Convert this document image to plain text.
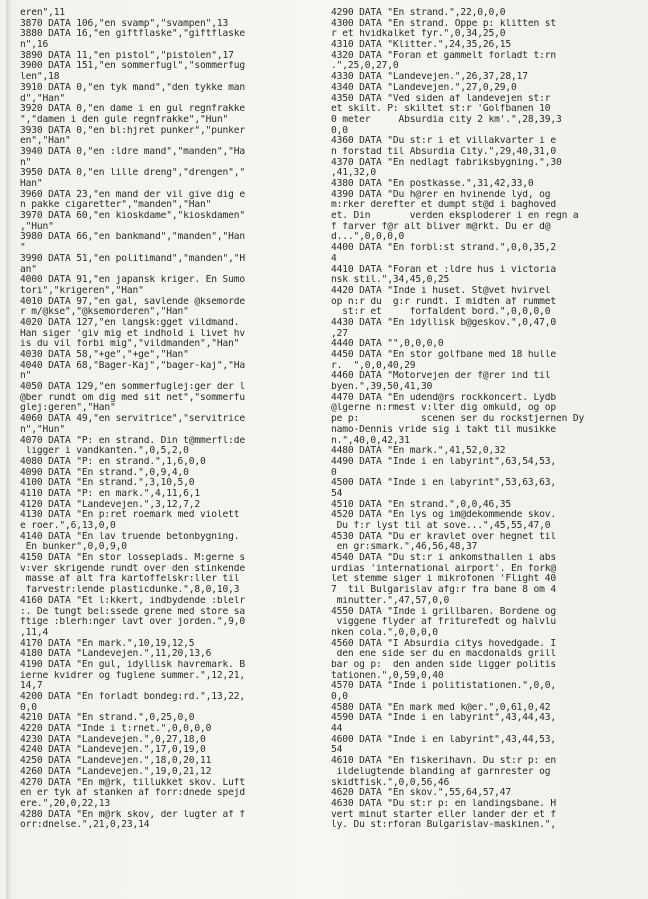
eren",11
3870 DATA 106,"en svamp","svampen",13
3880 DATA 16,"en giftflaske","giftflaske
n",16
3890 DATA 11,"en pistol","pistolen",17
3900 DATA 151,"en sommerfugl","sommerfug
len",18
3910 DATA 0,"en tyk mand","den tykke man
d","Han"
3920 DATA 0,"en dame i en gul regnfrakke
","damen i den gule regnfrakke","Hun"
3930 DATA 0,"en bl:hjret punker","punker
en","Han"
3940 DATA 0,"en :ldre mand","manden","Ha
n"
3950 DATA 0,"en lille dreng","drengen","
Han"
3960 DATA 23,"en mand der vil give dig e
n pakke cigaretter","manden","Han"
3970 DATA 60,"en kioskdame","kioskdamen"
,"Hun"
3980 DATA 66,"en bankmand","manden","Han
"
3990 DATA 51,"en politimand","manden","H
an"
4000 DATA 91,"en japansk kriger. En Sumo
tori","krigeren","Han"
4010 DATA 97,"en gal, savlende @ksemorde
r m/@kse","@ksemorderen","Han"
4020 DATA 127,"en langsk:gget vildmand.
Han siger 'giv mig et indhold i livet hv
is du vil forbi mig","vildmanden","Han"
4030 DATA 58,"+ge","+ge","Han"
4040 DATA 68,"Bager-Kaj","bager-kaj","Ha
n"
4050 DATA 129,"en sommerfuglej:ger der l
@ber rundt om dig med sit net","sommerfu
glej:geren","Han"
4060 DATA 49,"en servitrice","servitrice
n","Hun"
4070 DATA "P: en strand. Din t@mmerfl:de
ligger i vandkanten.",0,5,2,0
4080 DATA "P: en strand.",1,6,0,0
4090 DATA "En strand.",0,9,4,0
4100 DATA "En strand.",3,10,5,0
4110 DATA "P: en mark.",4,11,6,1
4120 DATA "Landevejen.",3,12,7,2
4130 DATA "En p:ret roemark med violett
e roer.",6,13,0,0
4140 DATA "En lav truende betonbygning.
En bunker",0,0,9,0
4150 DATA "En stor losseplads. M:gerne s
v:ver skrigende rundt over den stinkende
masse af alt fra kartoffelskr:ller til
farvestr:lende plasticdunke.",8,0,10,3
4160 DATA "Et l:kkert, indbydende :blelr
:. De tungt bel:ssede grene med store sa
ftige :blerh:nger lavt over jorden.",9,0
,11,4
4170 DATA "En mark.",10,19,12,5
4180 DATA "Landevejen.",11,20,13,6
4190 DATA "En gul, idyllisk havremark. B
ierne kvidrer og fuglene summer.",12,21,
14,7
4200 DATA "En forladt bondeg:rd.",13,22,
0,0
4210 DATA "En strand.",0,25,0,0
4220 DATA "Inde i t:rnet.",0,0,0,0
4230 DATA "Landevejen.",0,27,18,0
4240 DATA "Landevejen.",17,0,19,0
4250 DATA "Landevejen.",18,0,20,11
4260 DATA "Landevejen.",19,0,21,12
4270 DATA "En m@rk, tillukket skov. Luft
en er tyk af stanken af forr:dnede spejd
ere.",20,0,22,13
4280 DATA "En m@rk skov, der lugter af f
orr:dnelse.",21,0,23,14
4290 DATA "En strand.",22,0,0,0
4300 DATA "En strand. Oppe p: klitten st
r et hvidkalket fyr.",0,34,25,0
4310 DATA "Klitter.",24,35,26,15
4320 DATA "Foran et gammelt forladt t:rn
.",25,0,27,0
4330 DATA "Landevejen.",26,37,28,17
4340 DATA "Landevejen.",27,0,29,0
4350 DATA "Ved siden af landevejen st:r
et skilt. P: skiltet st:r 'Golfbanen 10
0 meter     Absurdia city 2 km'.",28,39,3
0,0
4360 DATA "Du st:r i et villakvarter i e
n forstad til Absurdia City.",29,40,31,0
4370 DATA "En nedlagt fabriksbygning.",30
,41,32,0
4380 DATA "En postkasse.",31,42,33,0
4390 DATA "Du h@rer en hvinende lyd, og
m:rker derefter et dumpt st@d i baghoved
et. Din       verden eksploderer i en regn a
f farver f@r alt bliver m@rkt. Du er d@
d...",0,0,0,0
4400 DATA "En forbl:st strand.",0,0,35,2
4
4410 DATA "Foran et :ldre hus i victoria
nsk stil.",34,45,0,25
4420 DATA "Inde i huset. St@vet hvirvel
op n:r du  g:r rundt. I midten af rummet
st:r et     forfaldent bord.",0,0,0,0
4430 DATA "En idyllisk b@geskov.",0,47,0
,27
4440 DATA "",0,0,0,0
4450 DATA "En stor golfbane med 18 hulle
r.  ",0,0,40,29
4460 DATA "Motorvejen der f@rer ind til
byen.",39,50,41,30
4470 DATA "En udend@rs rockkoncert. Lydb
@lgerne n:rmest v:lter dig omkuld, og op
pe p:           scenen ser du rockstjernen Dy
namo-Dennis vride sig i takt til musikke
n.",40,0,42,31
4480 DATA "En mark.",41,52,0,32
4490 DATA "Inde i en labyrint",63,54,53,
0
4500 DATA "Inde i en labyrint",53,63,63,
54
4510 DATA "En strand.",0,0,46,35
4520 DATA "En lys og im@dekommende skov.
Du f:r lyst til at sove...",45,55,47,0
4530 DATA "Du er kravlet over hegnet til
en gr:smark.",46,56,48,37
4540 DATA "Du st:r i ankomsthallen i abs
urdias 'international airport'. En fork@
let stemme siger i mikrofonen 'Flight 40
7  til Bulgarislav afg:r fra bane 8 om 4
minutter.",47,57,0,0
4550 DATA "Inde i grillbaren. Bordene og
viggene flyder af friturefedt og halvlu
nken cola.",0,0,0,0
4560 DATA "I Absurdia citys hovedgade. I
den ene side ser du en macdonalds grill
bar og p:  den anden side ligger politis
tationen.",0,59,0,40
4570 DATA "Inde i politistationen.",0,0,
0,0
4580 DATA "En mark med k@er.",0,61,0,42
4590 DATA "Inde i en labyrint",43,44,43,
44
4600 DATA "Inde i en labyrint",43,44,53,
54
4610 DATA "En fiskerihavn. Du st:r p: en
ildelugtende blanding af garnrester og
skidtfisk.",0,0,56,46
4620 DATA "En skov.",55,64,57,47
4630 DATA "Du st:r p: en landingsbane. H
vert minut starter eller lander der et f
ly. Du st:rforan Bulgarislav-maskinen.",
